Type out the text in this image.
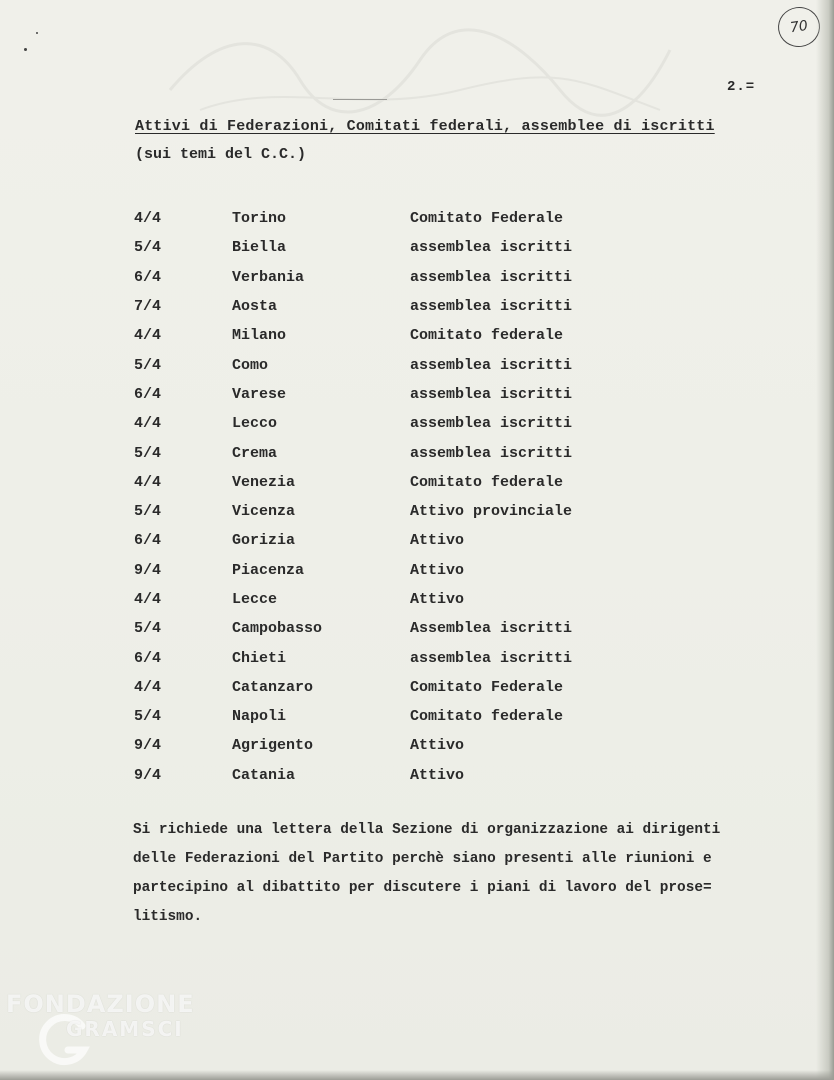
70
2.=
Attivi di Federazioni, Comitati federali, assemblee di iscritti
(sui temi del C.C.)
4/4	Torino	Comitato Federale
5/4	Biella	assemblea iscritti
6/4	Verbania	assemblea iscritti
7/4	Aosta	assemblea iscritti
4/4	Milano	Comitato federale
5/4	Como	assemblea iscritti
6/4	Varese	assemblea iscritti
4/4	Lecco	assemblea iscritti
5/4	Crema	assemblea iscritti
4/4	Venezia	Comitato federale
5/4	Vicenza	Attivo provinciale
6/4	Gorizia	Attivo
9/4	Piacenza	Attivo
4/4	Lecce	Attivo
5/4	Campobasso	Assemblea iscritti
6/4	Chieti	assemblea iscritti
4/4	Catanzaro	Comitato Federale
5/4	Napoli	Comitato federale
9/4	Agrigento	Attivo
9/4	Catania	Attivo
Si richiede una lettera della Sezione di organizzazione ai dirigenti
delle Federazioni del Partito perchè siano presenti alle riunioni e
partecipino al dibattito per discutere i piani di lavoro del prose=
litismo.
FONDAZIONE
GRAMSCI
